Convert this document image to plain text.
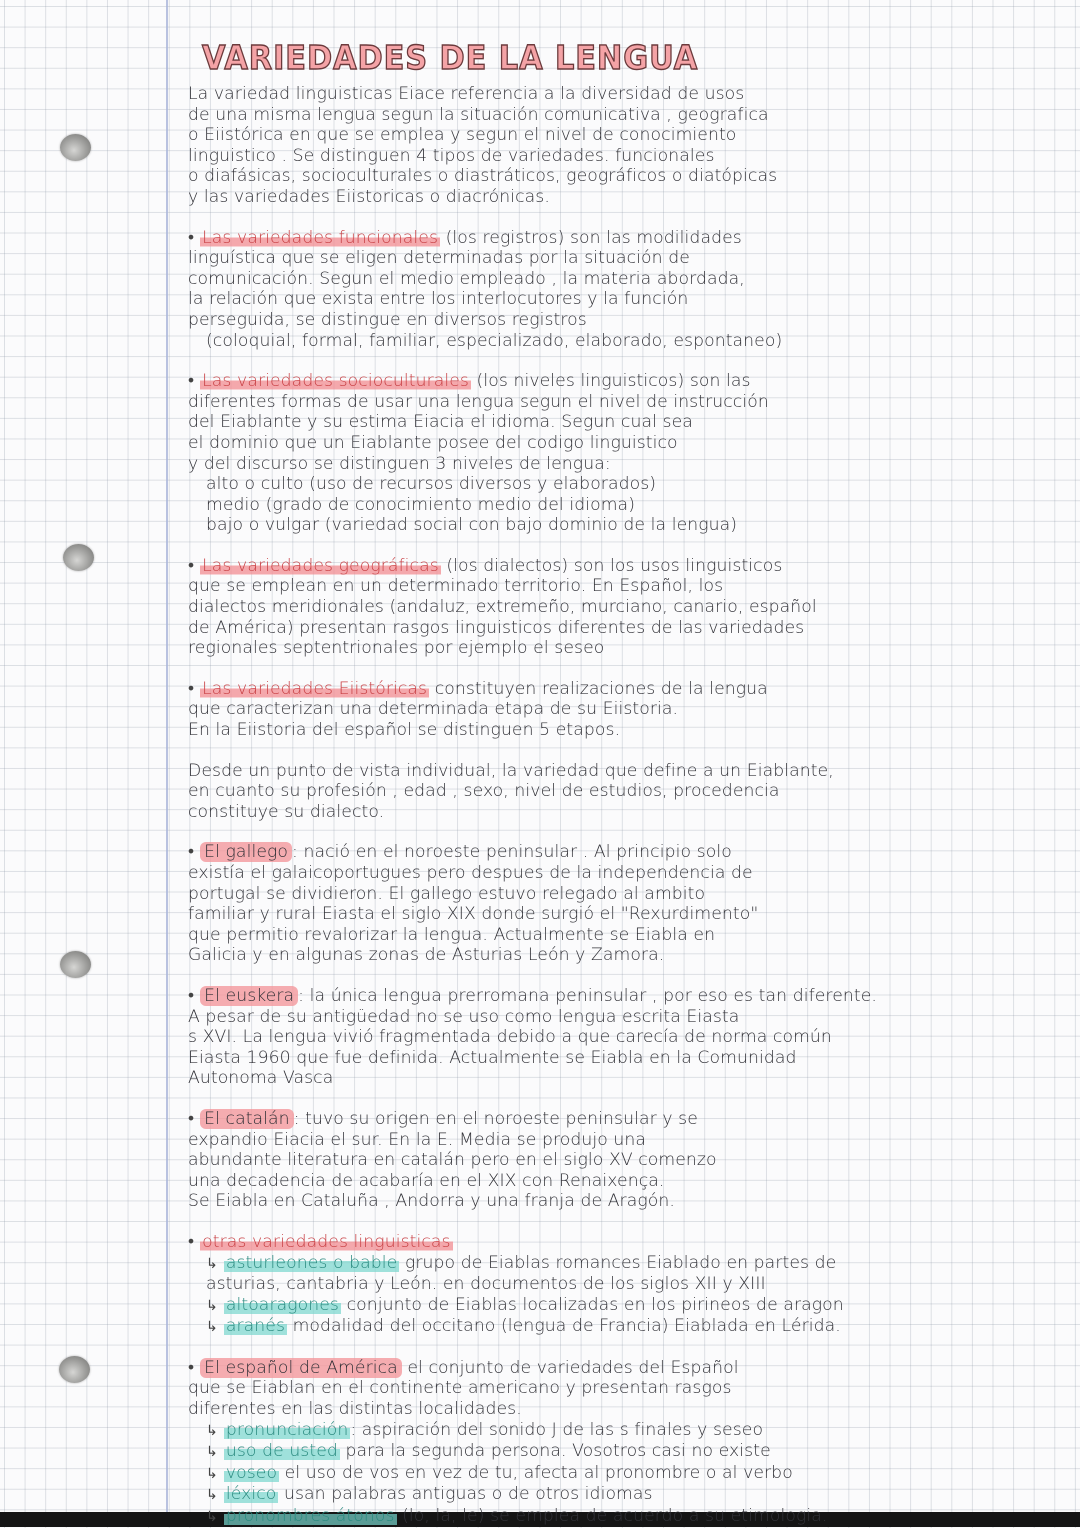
VARIEDADES DE LA LENGUA
La variedad linguisticas Eiace referencia a la diversidad de usos
de una misma lengua segun la situación comunicativa , geografica
o Eiistórica en que se emplea y segun el nivel de conocimiento
linguistico . Se distinguen 4 tipos de variedades. funcionales
o diafásicas, socioculturales o diastráticos, geográficos o diatópicas
y las variedades Eiistoricas o diacrónicas.
• Las variedades funcionales (los registros) son las modilidades
linguística que se eligen determinadas por la situación de
comunicación. Segun el medio empleado , la materia abordada,
la relación que exista entre los interlocutores y la función
perseguida, se distingue en diversos registros
(coloquial, formal, familiar, especializado, elaborado, espontaneo)
• Las variedades socioculturales (los niveles linguisticos) son las
diferentes formas de usar una lengua segun el nivel de instrucción
del Eiablante y su estima Eiacia el idioma. Segun cual sea
el dominio que un Eiablante posee del codigo linguistico
y del discurso se distinguen 3 niveles de lengua:
alto o culto (uso de recursos diversos y elaborados)
medio (grado de conocimiento medio del idioma)
bajo o vulgar (variedad social con bajo dominio de la lengua)
• Las variedades geográficas (los dialectos) son los usos linguisticos
que se emplean en un determinado territorio. En Español, los
dialectos meridionales (andaluz, extremeño, murciano, canario, español
de América) presentan rasgos linguisticos diferentes de las variedades
regionales septentrionales por ejemplo el seseo
• Las variedades Eiistóricas constituyen realizaciones de la lengua
que caracterizan una determinada etapa de su Eiistoria.
En la Eiistoria del español se distinguen 5 etapos.
Desde un punto de vista individual, la variedad que define a un Eiablante,
en cuanto su profesión , edad , sexo, nivel de estudios, procedencia
constituye su dialecto.
• El gallego : nació en el noroeste peninsular . Al principio solo
existía el galaicoportugues pero despues de la independencia de
portugal se dividieron. El gallego estuvo relegado al ambito
familiar y rural Eiasta el siglo XIX donde surgió el "Rexurdimento"
que permitio revalorizar la lengua. Actualmente se Eiabla en
Galicia y en algunas zonas de Asturias León y Zamora.
• El euskera : la única lengua prerromana peninsular , por eso es tan diferente.
A pesar de su antigüedad no se uso como lengua escrita Eiasta
s XVI. La lengua vivió fragmentada debido a que carecía de norma común
Eiasta 1960 que fue definida. Actualmente se Eiabla en la Comunidad
Autonoma Vasca
• El catalán : tuvo su origen en el noroeste peninsular y se
expandio Eiacia el sur. En la E. Media se produjo una
abundante literatura en catalán pero en el siglo XV comenzo
una decadencia de acabaría en el XIX con Renaixença.
Se Eiabla en Cataluña , Andorra y una franja de Aragón.
• otras variedades linguisticas
↳ asturleones o bable grupo de Eiablas romances Eiablado en partes de
asturias, cantabria y León. en documentos de los siglos XII y XIII
↳ altoaragones conjunto de Eiablas localizadas en los pirineos de aragon
↳ aranés modalidad del occitano (lengua de Francia) Eiablada en Lérida.
• El español de América el conjunto de variedades del Español
que se Eiablan en el continente americano y presentan rasgos
diferentes en las distintas localidades.
↳ pronunciación : aspiración del sonido J de las s finales y seseo
↳ uso de usted para la segunda persona. Vosotros casi no existe
↳ voseo el uso de vos en vez de tu, afecta al pronombre o al verbo
↳ léxico usan palabras antiguas o de otros idiomas
↳ pronombres átonos (lo, la, le) se emplea de acuerdo a su etimologia.
